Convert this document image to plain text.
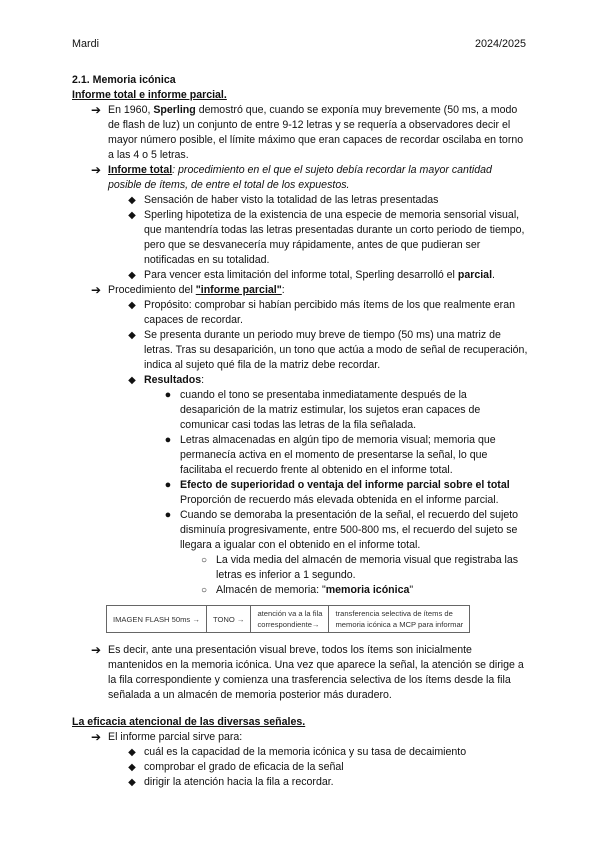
Mardi	2024/2025
2.1. Memoria icónica
Informe total e informe parcial.
➔ En 1960, Sperling demostró que, cuando se exponía muy brevemente (50 ms, a modo de flash de luz) un conjunto de entre 9-12 letras y se requería a observadores decir el mayor número posible, el límite máximo que eran capaces de recordar oscilaba en torno a las 4 o 5 letras.
➔ Informe total: procedimiento en el que el sujeto debía recordar la mayor cantidad posible de ítems, de entre el total de los expuestos.
◆ Sensación de haber visto la totalidad de las letras presentadas
◆ Sperling hipotetiza de la existencia de una especie de memoria sensorial visual, que mantendría todas las letras presentadas durante un corto periodo de tiempo, pero que se desvanecería muy rápidamente, antes de que pudieran ser notificadas en su totalidad.
◆ Para vencer esta limitación del informe total, Sperling desarrolló el parcial.
➔ Procedimiento del "informe parcial":
◆ Propósito: comprobar si habían percibido más ítems de los que realmente eran capaces de recordar.
◆ Se presenta durante un periodo muy breve de tiempo (50 ms) una matriz de letras. Tras su desaparición, un tono que actúa a modo de señal de recuperación, indica al sujeto qué fila de la matriz debe recordar.
◆ Resultados:
● cuando el tono se presentaba inmediatamente después de la desaparición de la matriz estimular, los sujetos eran capaces de comunicar casi todas las letras de la fila señalada.
● Letras almacenadas en algún tipo de memoria visual; memoria que permanecía activa en el momento de presentarse la señal, lo que facilitaba el recuerdo frente al obtenido en el informe total.
● Efecto de superioridad o ventaja del informe parcial sobre el total
Proporción de recuerdo más elevada obtenida en el informe parcial.
● Cuando se demoraba la presentación de la señal, el recuerdo del sujeto disminuía progresivamente, entre 500-800 ms, el recuerdo del sujeto se llegara a igualar con el obtenido en el informe total.
○ La vida media del almacén de memoria visual que registraba las letras es inferior a 1 segundo.
○ Almacén de memoria: "memoria icónica"
IMAGEN FLASH 50ms →	TONO →	atención va a la fila
correspondiente→	transferencia selectiva de ítems de
memoria icónica a MCP para informar
➔ Es decir, ante una presentación visual breve, todos los ítems son inicialmente mantenidos en la memoria icónica. Una vez que aparece la señal, la atención se dirige a la fila correspondiente y comienza una trasferencia selectiva de los ítems desde la fila señalada a un almacén de memoria posterior más duradero.
La eficacia atencional de las diversas señales.
➔ El informe parcial sirve para:
◆ cuál es la capacidad de la memoria icónica y su tasa de decaimiento
◆ comprobar el grado de eficacia de la señal
◆ dirigir la atención hacia la fila a recordar.
